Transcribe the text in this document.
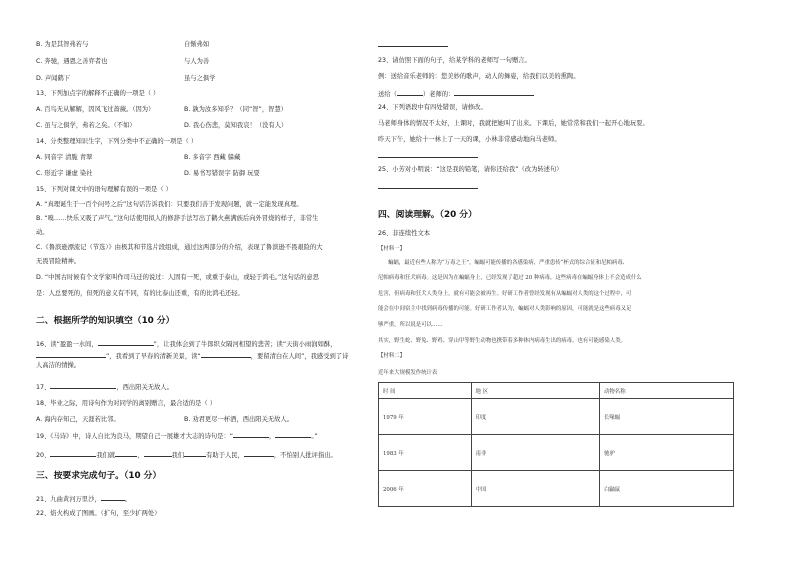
B. 为是其智弗若与	自惭弗如
C. 奔驰，遇恩之善弈者也	与人为善
D. 声闻鹤下	虽与之俱学
13、下列加点字的解释不正确的一项是（ ）
A. 百鸟无从解解，因风飞过蔷薇。（因为）	B. 孰为汝多知乎？（同“智”，智慧）
C. 虽与之俱学，弗若之矣。（不如）	D. 我心伤悲，莫知我哀！（没有人）
14、分类整理知识生字，下列分类中不正确的一项是（ ）
A. 同音字 清脆 青翠	B. 多音字 西藏 躲藏
C. 形近字 谦虚 染社	D. 易书写错误字 防御 玩耍
15、下列对课文中的语句理解有误的一项是（ ）
A. “真理诞生于一百个问号之后”这句话告诉我们：只要我们善于发现问题，就一定能发现真理。
B. “嗅……快乐又吸了声气。”这句话使用拟人的修辞手法写出了鹳火燕满族后向外冒烧的样子，非常生
动。
C.《鲁滨逊漂流记（节选）》由极其和节选片段组成，通过这两部分的介绍，表现了鲁滨逊不畏艰险的大
无畏冒险精神。
D. “中国古时候有个文学家叫作司马迁的说过：人固有一死，或重于泰山，或轻于鸿毛。”这句话的意思
是：人总要死的，但死的意义有不同，有的比泰山还重，有的比鸿毛还轻。
二、根据所学的知识填空（10 分）
16、读“盈盈一水间，	”，让我体会到了牛郎织女隔河相望的悲苦；读“天街小雨润如酥，
”，我看到了早春的清新美景，读“	，要留清白在人间”，我感受到了诗
人高洁的情操。
17、	，西出阳关无故人。
18、毕业之际，用诗句作为对同学的离别赠言，最合适的是（ ）
A. 海内存知己，天涯若比邻。	B. 劝君更尽一杯酒，西出阳关无故人。
19、《马诗》中，诗人自比为良马，期望自己一展雄才大志的诗句是：“	，	。”
20、	我们就	，	我们	有助于人民，	，不怕别人批评指出。
三、按要求完成句子。（10 分）
21、九曲黄河万里沙，	。
22、焰火构成了图画。（扩句，至少扩两处）
23、请仿照下面的句子，给某学科的老师写一句赠言。
例：送给音乐老师的：您美妙的歌声，动人的舞姿，给我们以美的熏陶。
送给（	）老师的：
24、下列语段中有四处错误，请修改。
马老师身体的情况不太好，上课时，我就把她叫了出来。下课后，她常常和我们一起开心地玩耍。
昨天下午，她给十一林上了一天的课，小林非常感动地向马老师。
25、小芳对小明说：“这是我的铅笔，请你还给我”（改为转述句）
四、阅读理解。（20 分）
26、非连续性文本
【材料一】
蝙蝠，最近有些人称为“万毒之王”。蝙蝠可能传播的各感染病，严重患传“杯式的综合征和尼帕病毒、
尼帕病毒和狂犬病毒。这是因为在蝙蝠身上，已经发现了超过 20 种病毒，这些病毒在蝙蝠身体上不会造成什么
危害，但病毒和狂犬人类身上，就有可能会被再生。好研工作者曾经发现有从蝙蝠对人类的这个过程中，可
能会在中间宿主中找到病毒传播的可能。好研工作者认为，蝙蝠对人类影响的原因，可能就是这些病毒又足
够严重，所以说是可以……
其实，野生蛇、野兔、野鸡、穿山甲等野生动物也携带着多种体内病毒生出的病毒，也有可能感染人类。
【材料二】
近年来大规模发作统计表
时 间	地 区	动物名称
1979 年	印度	长喙蝠
1983 年	南非	驰驴
2006 年	中国	白鼬鼠
